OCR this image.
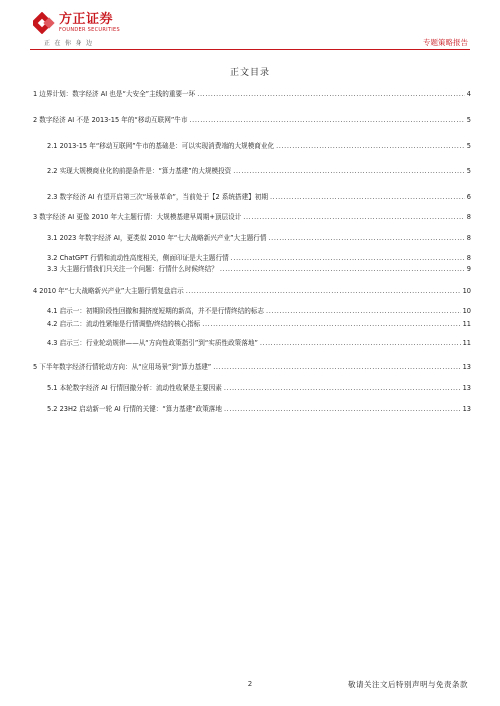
方正证券
FOUNDER SECURITIES
正在你身边	专题策略报告
正文目录
1 边界计划：数字经济 AI 也是“大安全”主线的重要一环 .....	4
2 数字经济 AI 不是 2013-15 年的“移动互联网”牛市 .....	5
2.1 2013-15 年“移动互联网”牛市的基础是：可以实现消费端的大规模商业化 .....	5
2.2 实现大规模商业化的前提条件是：“算力基建”的大规模投资 .....	5
2.3 数字经济 AI 有望开启第三次“场景革命”，当前处于【2 系统搭建】初期 .....	6
3 数字经济 AI 更像 2010 年大主题行情：大规模基建早周期+顶层设计 .....	8
3.1 2023 年数字经济 AI，更类似 2010 年“七大战略新兴产业”大主题行情 .....	8
3.2 ChatGPT 行情和流动性高度相关，侧面印证是大主题行情 .....	8
3.3 大主题行情我们只关注一个问题：行情什么时候终结？ .....	9
4 2010 年“七大战略新兴产业”大主题行情复盘启示 .....	10
4.1 启示一：初期阶段性回撤和拥挤度短期的新高，并不是行情终结的标志 .....	10
4.2 启示二：流动性紧缩是行情调整/终结的核心指标 .....	11
4.3 启示三：行业轮动规律——从“方向性政策指引”到“实质性政策落地” .....	11
5 下半年数字经济行情轮动方向：从“应用场景”到“算力基建” .....	13
5.1 本轮数字经济 AI 行情回撤分析：流动性收紧是主要因素 .....	13
5.2 23H2 启动新一轮 AI 行情的关键：“算力基建”政策落地 .....	13
2	敬请关注文后特别声明与免责条款
